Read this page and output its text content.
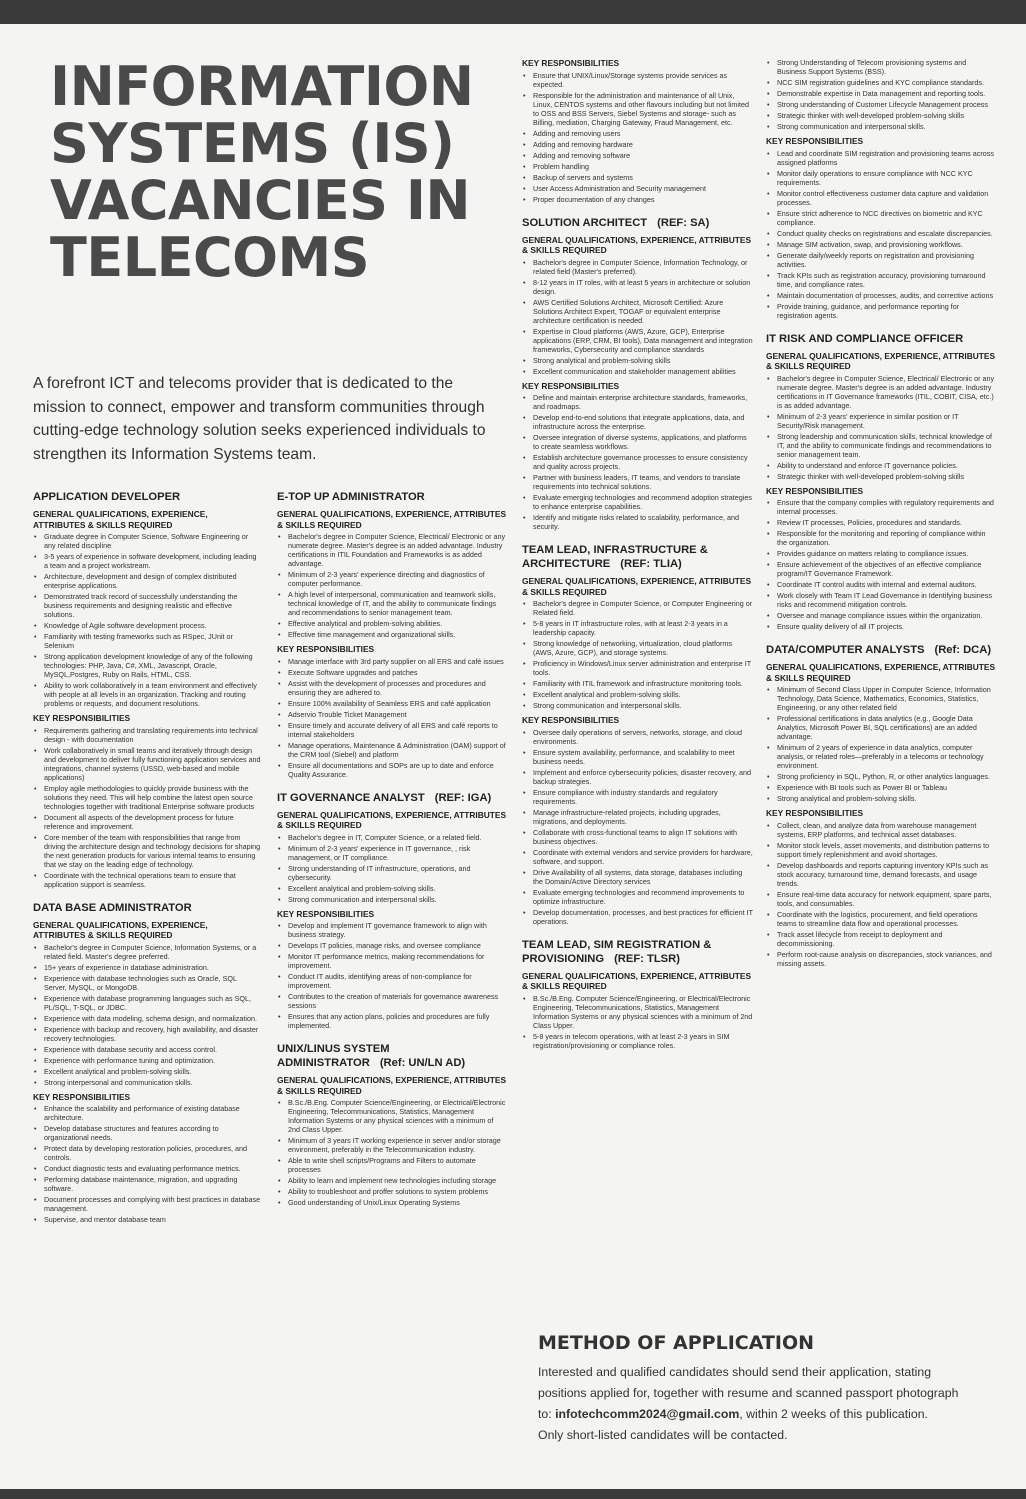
INFORMATION SYSTEMS (IS) VACANCIES IN TELECOMS

A forefront ICT and telecoms provider that is dedicated to the mission to connect, empower and transform communities through cutting-edge technology solution seeks experienced individuals to strengthen its Information Systems team.

APPLICATION DEVELOPER
GENERAL QUALIFICATIONS, EXPERIENCE, ATTRIBUTES & SKILLS REQUIRED
• Graduate degree in Computer Science, Software Engineering or any related discipline
• 3-5 years of experience in software development, including leading a team and a project workstream.
• Architecture, development and design of complex distributed enterprise applications.
• Demonstrated track record of successfully understanding the business requirements and designing realistic and effective solutions.
• Knowledge of Agile software development process.
• Familiarity with testing frameworks such as RSpec, JUnit or Selenium
• Strong application development knowledge of any of the following technologies: PHP, Java, C#, XML, Javascript, Oracle, MySQL,Postgres, Ruby on Rails, HTML, CSS.
• Ability to work collaboratively in a team environment and effectively with people at all levels in an organization. Tracking and routing problems or requests, and document resolutions.
KEY RESPONSIBILITIES
• Requirements gathering and translating requirements into technical design - with documentation
• Work collaboratively in small teams and iteratively through design and development to deliver fully functioning application services and integrations, channel systems (USSD, web-based and mobile applications)
• Employ agile methodologies to quickly provide business with the solutions they need. This will help combine the latest open source technologies together with traditional Enterprise software products
• Document all aspects of the development process for future reference and improvement.
• Core member of the team with responsibilities that range from driving the architecture design and technology decisions for shaping the next generation products for various internal teams to ensuring that we stay on the leading edge of technology.
• Coordinate with the technical operations team to ensure that application support is seamless.
DATA BASE ADMINISTRATOR
GENERAL QUALIFICATIONS, EXPERIENCE, ATTRIBUTES & SKILLS REQUIRED
• Bachelor's degree in Computer Science, Information Systems, or a related field. Master's degree preferred.
• 15+ years of experience in database administration.
• Experience with database technologies such as Oracle, SQL Server, MySQL, or MongoDB.
• Experience with database programming languages such as SQL, PL/SQL, T-SQL, or JDBC.
• Experience with data modeling, schema design, and normalization.
• Experience with backup and recovery, high availability, and disaster recovery technologies.
• Experience with database security and access control.
• Experience with performance tuning and optimization.
• Excellent analytical and problem-solving skills.
• Strong interpersonal and communication skills.
KEY RESPONSIBILITIES
• Enhance the scalability and performance of existing database architecture.
• Develop database structures and features according to organizational needs.
• Protect data by developing restoration policies, procedures, and controls.
• Conduct diagnostic tests and evaluating performance metrics.
• Performing database maintenance, migration, and upgrading software.
• Document processes and complying with best practices in database management.
• Supervise, and mentor database team
E-TOP UP ADMINISTRATOR
GENERAL QUALIFICATIONS, EXPERIENCE, ATTRIBUTES & SKILLS REQUIRED
• Bachelor's degree in Computer Science, Electrical/ Electronic or any numerate degree. Master's degree is an added advantage. Industry certifications in ITIL Foundation and Frameworks is as added advantage.
• Minimum of 2-3 years' experience directing and diagnostics of computer performance.
• A high level of interpersonal, communication and teamwork skills, technical knowledge of IT, and the ability to communicate findings and recommendations to senior management team.
• Effective analytical and problem-solving abilities.
• Effective time management and organizational skills.
KEY RESPONSIBILITIES
• Manage interface with 3rd party supplier on all ERS and café issues
• Execute Software upgrades and patches
• Assist with the development of processes and procedures and ensuring they are adhered to.
• Ensure 100% availability of Seamless ERS and café application
• Adservio Trouble Ticket Management
• Ensure timely and accurate delivery of all ERS and café reports to internal stakeholders
• Manage operations, Maintenance & Administration (OAM) support of the CRM tool (Siebel) and platform
• Ensure all documentations and SOPs are up to date and enforce Quality Assurance.
IT GOVERNANCE ANALYST (REF: IGA)
GENERAL QUALIFICATIONS, EXPERIENCE, ATTRIBUTES & SKILLS REQUIRED
• Bachelor's degree in IT, Computer Science, or a related field.
• Minimum of 2-3 years' experience in IT governance, , risk management, or IT compliance.
• Strong understanding of IT infrastructure, operations, and cybersecurity.
• Excellent analytical and problem-solving skills.
• Strong communication and interpersonal skills.
KEY RESPONSIBILITIES
• Develop and implement IT governance framework to align with business strategy.
• Develops IT policies, manage risks, and oversee compliance
• Monitor IT performance metrics, making recommendations for improvement.
• Conduct IT audits, identifying areas of non-compliance for improvement.
• Contributes to the creation of materials for governance awareness sessions
• Ensures that any action plans, policies and procedures are fully implemented.
UNIX/LINUS SYSTEM ADMINISTRATOR (Ref: UN/LN AD)
GENERAL QUALIFICATIONS, EXPERIENCE, ATTRIBUTES & SKILLS REQUIRED
• B.Sc./B.Eng. Computer Science/Engineering, or Electrical/Electronic Engineering, Telecommunications, Statistics, Management Information Systems or any physical sciences with a minimum of 2nd Class Upper.
• Minimum of 3 years IT working experience in server and/or storage environment, preferably in the Telecommunication industry.
• Able to write shell scripts/Programs and Filters to automate processes
• Ability to learn and implement new technologies including storage
• Ability to troubleshoot and proffer solutions to system problems
• Good understanding of Unix/Linux Operating Systems
KEY RESPONSIBILITIES
• Ensure that UNIX/Linux/Storage systems provide services as expected.
• Responsible for the administration and maintenance of all Unix, Linux, CENTOS systems and other flavours including but not limited to OSS and BSS Servers, Siebel Systems and storage- such as Billing, mediation, Charging Gateway, Fraud Management, etc.
• Adding and removing users
• Adding and removing hardware
• Adding and removing software
• Problem handling
• Backup of servers and systems
• User Access Administration and Security management
• Proper documentation of any changes
SOLUTION ARCHITECT (REF: SA)
GENERAL QUALIFICATIONS, EXPERIENCE, ATTRIBUTES & SKILLS REQUIRED
• Bachelor's degree in Computer Science, Information Technology, or related field (Master's preferred).
• 8-12 years in IT roles, with at least 5 years in architecture or solution design.
• AWS Certified Solutions Architect, Microsoft Certified: Azure Solutions Architect Expert, TOGAF or equivalent enterprise architecture certification is needed.
• Expertise in Cloud platforms (AWS, Azure, GCP), Enterprise applications (ERP, CRM, BI tools), Data management and integration frameworks, Cybersecurity and compliance standards
• Strong analytical and problem-solving skills
• Excellent communication and stakeholder management abilities
KEY RESPONSIBILITIES
• Define and maintain enterprise architecture standards, frameworks, and roadmaps.
• Develop end-to-end solutions that integrate applications, data, and infrastructure across the enterprise.
• Oversee integration of diverse systems, applications, and platforms to create seamless workflows.
• Establish architecture governance processes to ensure consistency and quality across projects.
• Partner with business leaders, IT teams, and vendors to translate requirements into technical solutions.
• Evaluate emerging technologies and recommend adoption strategies to enhance enterprise capabilities.
• Identify and mitigate risks related to scalability, performance, and security.
TEAM LEAD, INFRASTRUCTURE & ARCHITECTURE (REF: TLIA)
GENERAL QUALIFICATIONS, EXPERIENCE, ATTRIBUTES & SKILLS REQUIRED
• Bachelor's degree in Computer Science, or Computer Engineering or Related field.
• 5-8 years in IT infrastructure roles, with at least 2-3 years in a leadership capacity.
• Strong knowledge of networking, virtualization, cloud platforms (AWS, Azure, GCP), and storage systems.
• Proficiency in Windows/Linux server administration and enterprise IT tools.
• Familiarity with ITIL framework and infrastructure monitoring tools.
• Excellent analytical and problem-solving skills.
• Strong communication and interpersonal skills.
KEY RESPONSIBILITIES
• Oversee daily operations of servers, networks, storage, and cloud environments.
• Ensure system availability, performance, and scalability to meet business needs.
• Implement and enforce cybersecurity policies, disaster recovery, and backup strategies.
• Ensure compliance with industry standards and regulatory requirements.
• Manage infrastructure-related projects, including upgrades, migrations, and deployments.
• Collaborate with cross-functional teams to align IT solutions with business objectives.
• Coordinate with external vendors and service providers for hardware, software, and support.
• Drive Availability of all systems, data storage, databases including the Domain/Active Directory services
• Evaluate emerging technologies and recommend improvements to optimize infrastructure.
• Develop documentation, processes, and best practices for efficient IT operations.
TEAM LEAD, SIM REGISTRATION & PROVISIONING (REF: TLSR)
GENERAL QUALIFICATIONS, EXPERIENCE, ATTRIBUTES & SKILLS REQUIRED
• B.Sc./B.Eng. Computer Science/Engineering, or Electrical/Electronic Engineering, Telecommunications, Statistics, Management Information Systems or any physical sciences with a minimum of 2nd Class Upper.
• 5-8 years in telecom operations, with at least 2-3 years in SIM registration/provisioning or compliance roles.
• Strong Understanding of Telecom provisioning systems and Business Support Systems (BSS).
• NCC SIM registration guidelines and KYC compliance standards.
• Demonstrable expertise in Data management and reporting tools.
• Strong understanding of Customer Lifecycle Management process
• Strategic thinker with well-developed problem-solving skills
• Strong communication and interpersonal skills.
KEY RESPONSIBILITIES
• Lead and coordinate SIM registration and provisioning teams across assigned platforms
• Monitor daily operations to ensure compliance with NCC KYC requirements.
• Monitor control effectiveness customer data capture and validation processes.
• Ensure strict adherence to NCC directives on biometric and KYC compliance.
• Conduct quality checks on registrations and escalate discrepancies.
• Manage SIM activation, swap, and provisioning workflows.
• Generate daily/weekly reports on registration and provisioning activities.
• Track KPIs such as registration accuracy, provisioning turnaround time, and compliance rates.
• Maintain documentation of processes, audits, and corrective actions
• Provide training, guidance, and performance reporting for registration agents.
IT RISK AND COMPLIANCE OFFICER
GENERAL QUALIFICATIONS, EXPERIENCE, ATTRIBUTES & SKILLS REQUIRED
• Bachelor's degree in Computer Science, Electrical/ Electronic or any numerate degree. Master's degree is an added advantage. Industry certifications in IT Governance frameworks (ITIL, COBIT, CISA, etc.) is as added advantage.
• Minimum of 2-3 years' experience in similar position or IT Security/Risk management.
• Strong leadership and communication skills, technical knowledge of IT, and the ability to communicate findings and recommendations to senior management team.
• Ability to understand and enforce IT governance policies.
• Strategic thinker with well-developed problem-solving skills
KEY RESPONSIBILITIES
• Ensure that the company complies with regulatory requirements and internal processes.
• Review IT processes, Policies, procedures and standards.
• Responsible for the monitoring and reporting of compliance within the organization.
• Provides guidance on matters relating to compliance issues.
• Ensure achievement of the objectives of an effective compliance program/IT Governance Framework.
• Coordinate IT control audits with internal and external auditors.
• Work closely with Team IT Lead Governance in Identifying business risks and recommend mitigation controls.
• Oversee and manage compliance issues within the organization.
• Ensure quality delivery of all IT projects.
DATA/COMPUTER ANALYSTS (Ref: DCA)
GENERAL QUALIFICATIONS, EXPERIENCE, ATTRIBUTES & SKILLS REQUIRED
• Minimum of Second Class Upper in Computer Science, Information Technology, Data Science, Mathematics, Economics, Statistics, Engineering, or any other related field
• Professional certifications in data analytics (e.g., Google Data Analytics, Microsoft Power BI, SQL certifications) are an added advantage.
• Minimum of 2 years of experience in data analytics, computer analysis, or related roles—preferably in a telecoms or technology environment.
• Strong proficiency in SQL, Python, R, or other analytics languages.
• Experience with BI tools such as Power BI or Tableau
• Strong analytical and problem-solving skills.
KEY RESPONSIBILITIES
• Collect, clean, and analyze data from warehouse management systems, ERP platforms, and technical asset databases.
• Monitor stock levels, asset movements, and distribution patterns to support timely replenishment and avoid shortages.
• Develop dashboards and reports capturing inventory KPIs such as stock accuracy, turnaround time, demand forecasts, and usage trends.
• Ensure real-time data accuracy for network equipment, spare parts, tools, and consumables.
• Coordinate with the logistics, procurement, and field operations teams to streamline data flow and operational processes.
• Track asset lifecycle from receipt to deployment and decommissioning.
• Perform root-cause analysis on discrepancies, stock variances, and missing assets.
METHOD OF APPLICATION

Interested and qualified candidates should send their application, stating

positions applied for, together with resume and scanned passport photograph

to: infotechcomm2024@gmail.com, within 2 weeks of this publication.

Only short-listed candidates will be contacted.
